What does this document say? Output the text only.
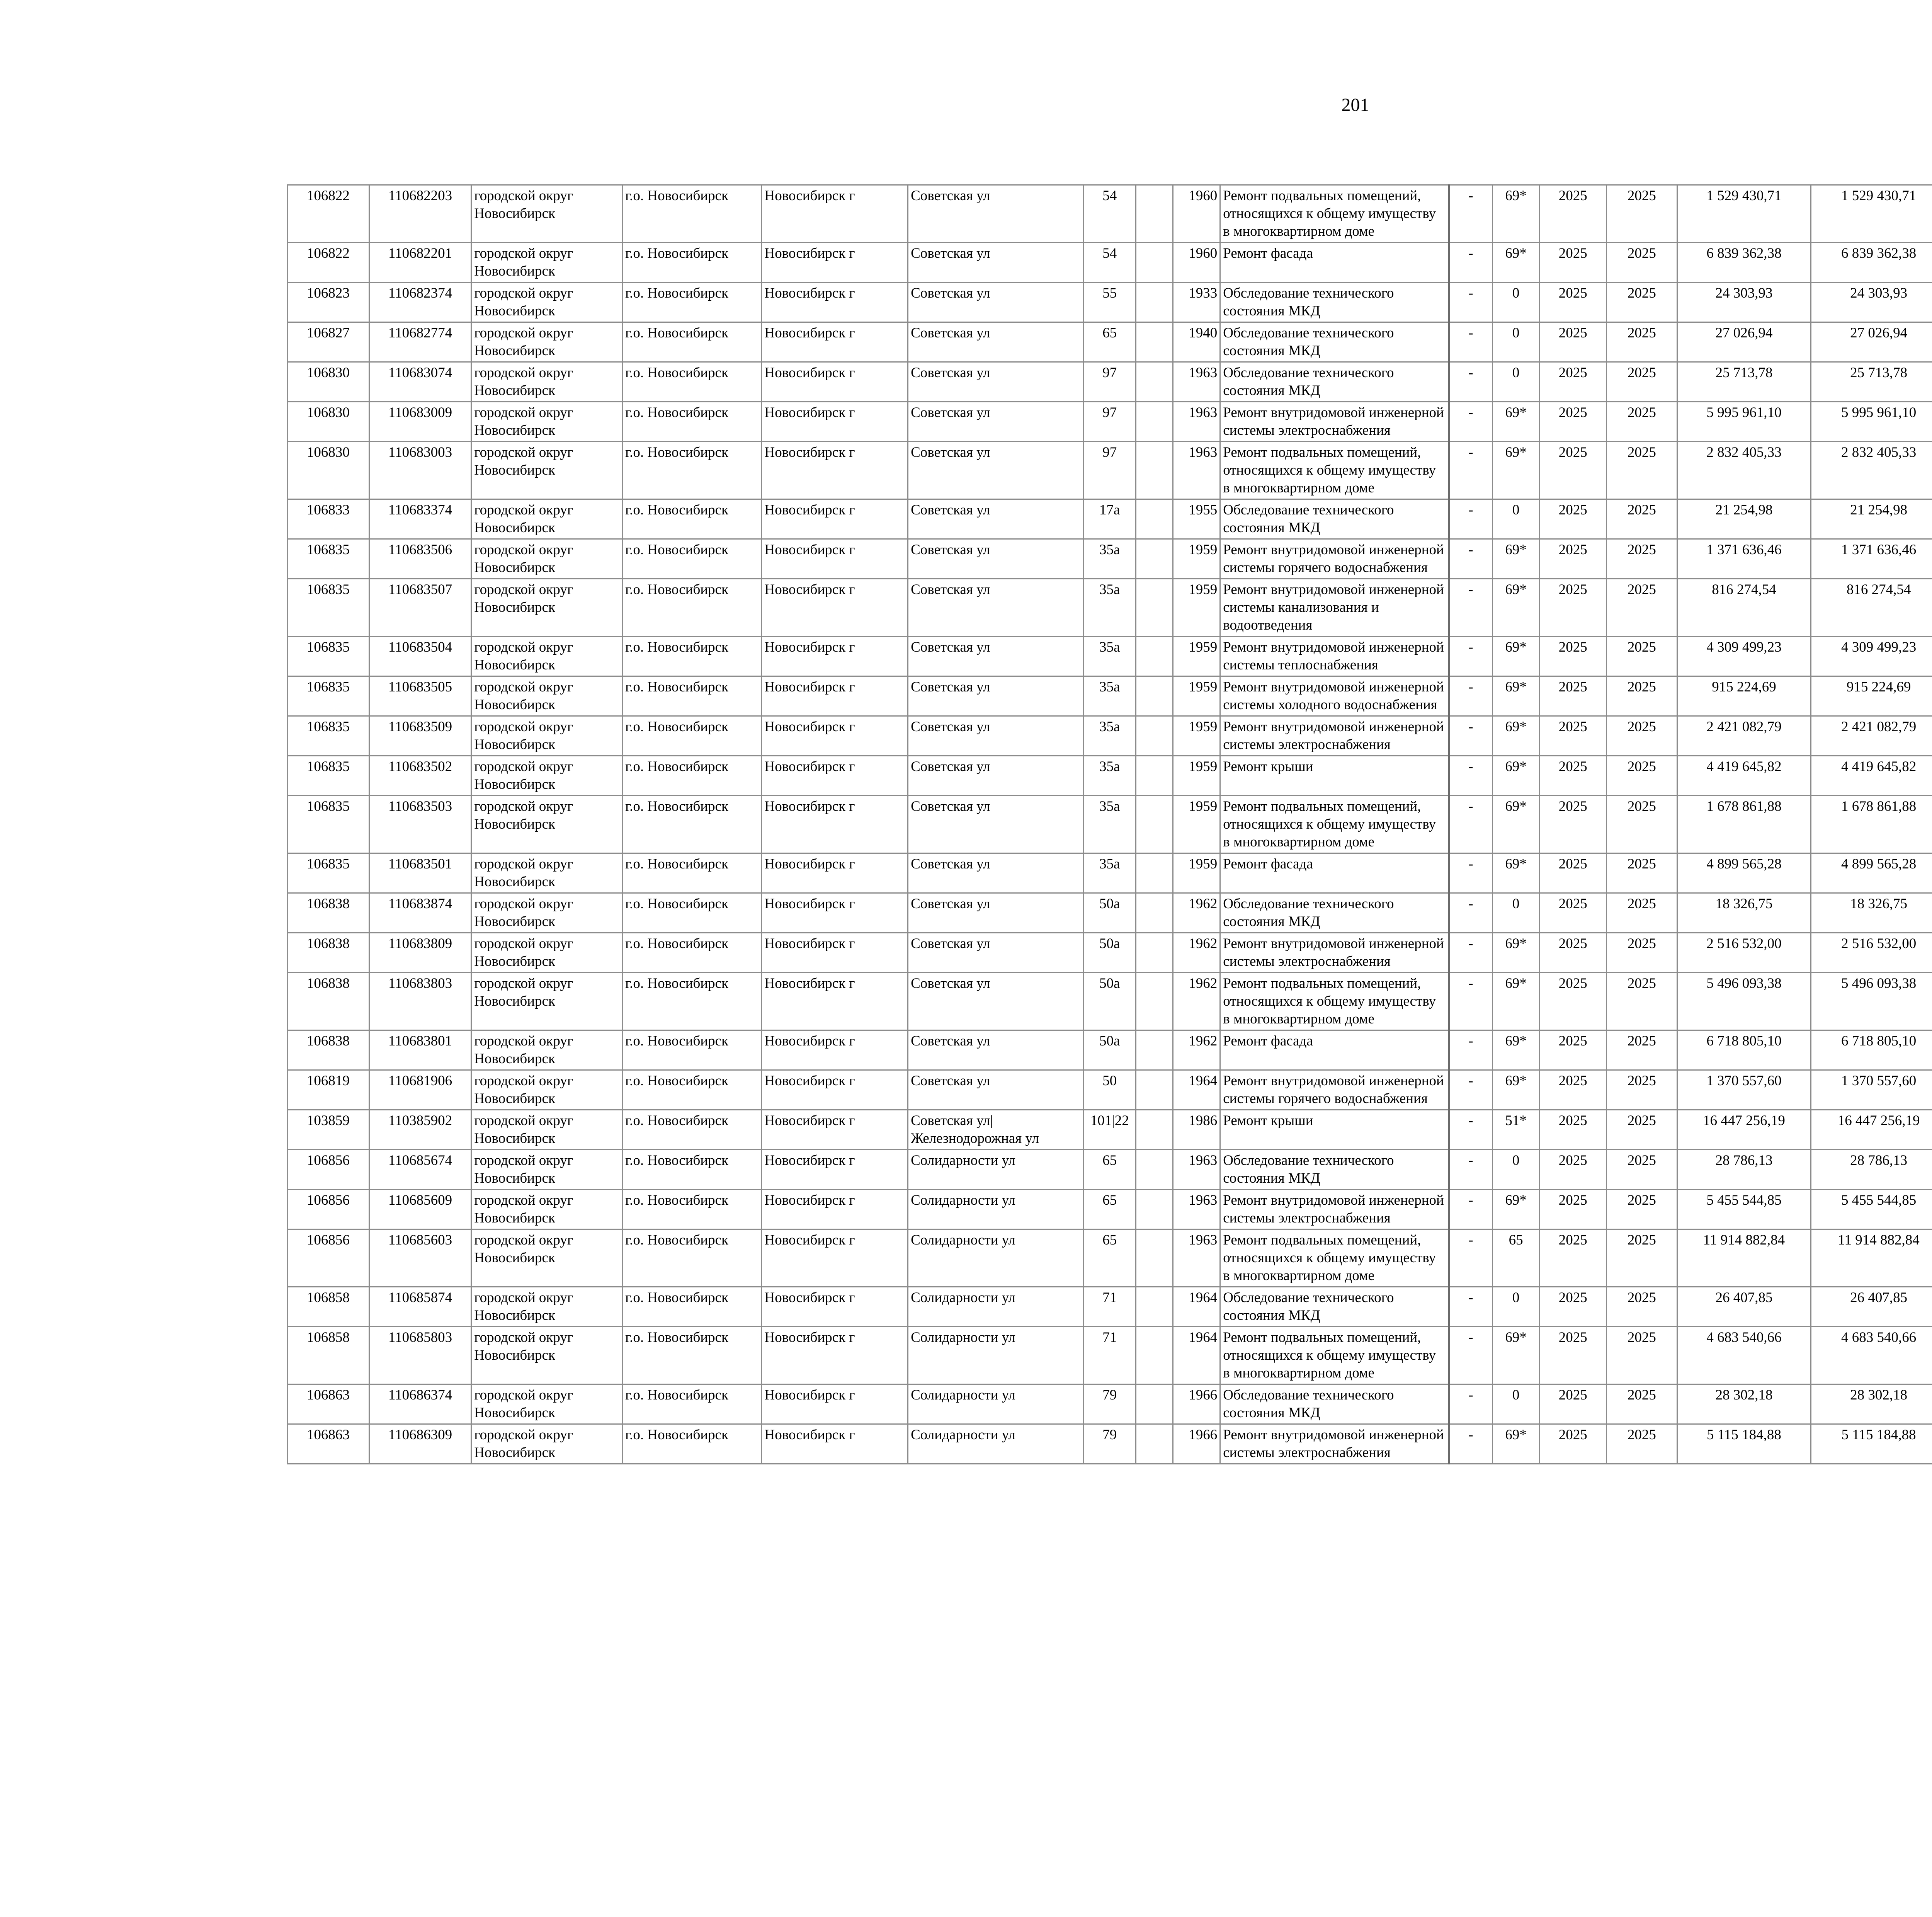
201
106822	110682203	городской округ Новосибирск	г.о. Новосибирск	Новосибирск г	Советская ул	54		1960	Ремонт подвальных помещений, относящихся к общему имуществу в многоквартирном доме	-	69*	2025	2025	1 529 430,71	1 529 430,71						
106822	110682201	городской округ Новосибирск	г.о. Новосибирск	Новосибирск г	Советская ул	54		1960	Ремонт фасада	-	69*	2025	2025	6 839 362,38	6 839 362,38						
106823	110682374	городской округ Новосибирск	г.о. Новосибирск	Новосибирск г	Советская ул	55		1933	Обследование технического состояния МКД	-	0	2025	2025	24 303,93	24 303,93						
106827	110682774	городской округ Новосибирск	г.о. Новосибирск	Новосибирск г	Советская ул	65		1940	Обследование технического состояния МКД	-	0	2025	2025	27 026,94	27 026,94						
106830	110683074	городской округ Новосибирск	г.о. Новосибирск	Новосибирск г	Советская ул	97		1963	Обследование технического состояния МКД	-	0	2025	2025	25 713,78	25 713,78						
106830	110683009	городской округ Новосибирск	г.о. Новосибирск	Новосибирск г	Советская ул	97		1963	Ремонт внутридомовой инженерной системы электроснабжения	-	69*	2025	2025	5 995 961,10	5 995 961,10						
106830	110683003	городской округ Новосибирск	г.о. Новосибирск	Новосибирск г	Советская ул	97		1963	Ремонт подвальных помещений, относящихся к общему имуществу в многоквартирном доме	-	69*	2025	2025	2 832 405,33	2 832 405,33						
106833	110683374	городской округ Новосибирск	г.о. Новосибирск	Новосибирск г	Советская ул	17а		1955	Обследование технического состояния МКД	-	0	2025	2025	21 254,98	21 254,98						
106835	110683506	городской округ Новосибирск	г.о. Новосибирск	Новосибирск г	Советская ул	35а		1959	Ремонт внутридомовой инженерной системы горячего водоснабжения	-	69*	2025	2025	1 371 636,46	1 371 636,46						
106835	110683507	городской округ Новосибирск	г.о. Новосибирск	Новосибирск г	Советская ул	35а		1959	Ремонт внутридомовой инженерной системы канализования и водоотведения	-	69*	2025	2025	816 274,54	816 274,54						
106835	110683504	городской округ Новосибирск	г.о. Новосибирск	Новосибирск г	Советская ул	35а		1959	Ремонт внутридомовой инженерной системы теплоснабжения	-	69*	2025	2025	4 309 499,23	4 309 499,23						
106835	110683505	городской округ Новосибирск	г.о. Новосибирск	Новосибирск г	Советская ул	35а		1959	Ремонт внутридомовой инженерной системы холодного водоснабжения	-	69*	2025	2025	915 224,69	915 224,69						
106835	110683509	городской округ Новосибирск	г.о. Новосибирск	Новосибирск г	Советская ул	35а		1959	Ремонт внутридомовой инженерной системы электроснабжения	-	69*	2025	2025	2 421 082,79	2 421 082,79						
106835	110683502	городской округ Новосибирск	г.о. Новосибирск	Новосибирск г	Советская ул	35а		1959	Ремонт крыши	-	69*	2025	2025	4 419 645,82	4 419 645,82						
106835	110683503	городской округ Новосибирск	г.о. Новосибирск	Новосибирск г	Советская ул	35а		1959	Ремонт подвальных помещений, относящихся к общему имуществу в многоквартирном доме	-	69*	2025	2025	1 678 861,88	1 678 861,88						
106835	110683501	городской округ Новосибирск	г.о. Новосибирск	Новосибирск г	Советская ул	35а		1959	Ремонт фасада	-	69*	2025	2025	4 899 565,28	4 899 565,28						
106838	110683874	городской округ Новосибирск	г.о. Новосибирск	Новосибирск г	Советская ул	50а		1962	Обследование технического состояния МКД	-	0	2025	2025	18 326,75	18 326,75						
106838	110683809	городской округ Новосибирск	г.о. Новосибирск	Новосибирск г	Советская ул	50а		1962	Ремонт внутридомовой инженерной системы электроснабжения	-	69*	2025	2025	2 516 532,00	2 516 532,00						
106838	110683803	городской округ Новосибирск	г.о. Новосибирск	Новосибирск г	Советская ул	50а		1962	Ремонт подвальных помещений, относящихся к общему имуществу в многоквартирном доме	-	69*	2025	2025	5 496 093,38	5 496 093,38						
106838	110683801	городской округ Новосибирск	г.о. Новосибирск	Новосибирск г	Советская ул	50а		1962	Ремонт фасада	-	69*	2025	2025	6 718 805,10	6 718 805,10						
106819	110681906	городской округ Новосибирск	г.о. Новосибирск	Новосибирск г	Советская ул	50		1964	Ремонт внутридомовой инженерной системы горячего водоснабжения	-	69*	2025	2025	1 370 557,60	1 370 557,60						
103859	110385902	городской округ Новосибирск	г.о. Новосибирск	Новосибирск г	Советская ул| Железнодорожная ул	101|22		1986	Ремонт крыши	-	51*	2025	2025	16 447 256,19	16 447 256,19						
106856	110685674	городской округ Новосибирск	г.о. Новосибирск	Новосибирск г	Солидарности ул	65		1963	Обследование технического состояния МКД	-	0	2025	2025	28 786,13	28 786,13						
106856	110685609	городской округ Новосибирск	г.о. Новосибирск	Новосибирск г	Солидарности ул	65		1963	Ремонт внутридомовой инженерной системы электроснабжения	-	69*	2025	2025	5 455 544,85	5 455 544,85						
106856	110685603	городской округ Новосибирск	г.о. Новосибирск	Новосибирск г	Солидарности ул	65		1963	Ремонт подвальных помещений, относящихся к общему имуществу в многоквартирном доме	-	65	2025	2025	11 914 882,84	11 914 882,84						
106858	110685874	городской округ Новосибирск	г.о. Новосибирск	Новосибирск г	Солидарности ул	71		1964	Обследование технического состояния МКД	-	0	2025	2025	26 407,85	26 407,85						
106858	110685803	городской округ Новосибирск	г.о. Новосибирск	Новосибирск г	Солидарности ул	71		1964	Ремонт подвальных помещений, относящихся к общему имуществу в многоквартирном доме	-	69*	2025	2025	4 683 540,66	4 683 540,66						
106863	110686374	городской округ Новосибирск	г.о. Новосибирск	Новосибирск г	Солидарности ул	79		1966	Обследование технического состояния МКД	-	0	2025	2025	28 302,18	28 302,18						
106863	110686309	городской округ Новосибирск	г.о. Новосибирск	Новосибирск г	Солидарности ул	79		1966	Ремонт внутридомовой инженерной системы электроснабжения	-	69*	2025	2025	5 115 184,88	5 115 184,88						
